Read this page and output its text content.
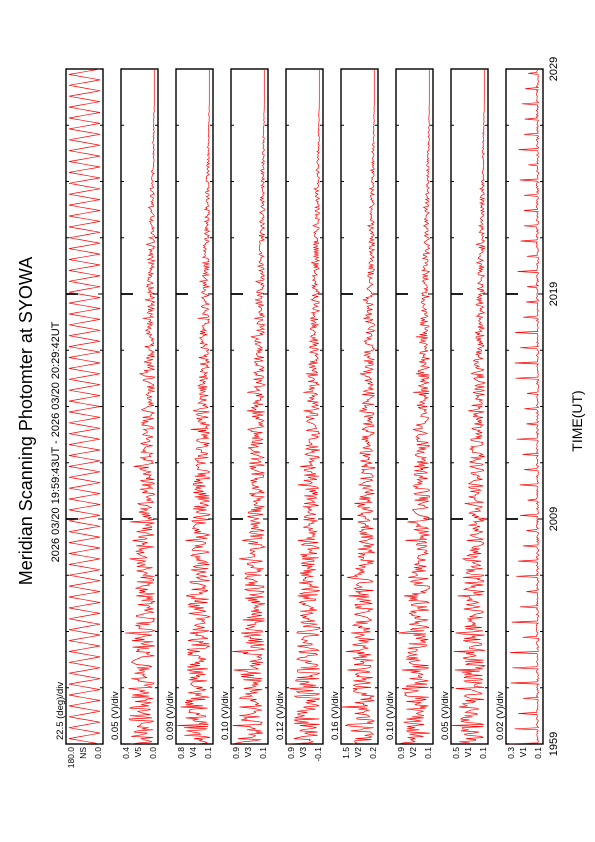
Meridian Scanning Photomter at SYOWA 2026 03/20 19:59:43UT - 2026 03/20 20:29:42UT	TIME(UT)
22.5 (deg)/div
180.0 NS 0.0
0.05 (V)/div
0.4 V5 0.0
0.09 (V)/div
0.8 V4 0.1
0.10 (V)/div
0.9 V3 0.1
0.12 (V)/div
0.9 V3 -0.1
0.16 (V)/div
1.5 V2 0.2
0.10 (V)/div
0.9 V2 0.1
0.05 (V)/div
0.5 V1 0.1
0.02 (V)/div
0.3 V1 0.1 1959
2009
2019
2029
